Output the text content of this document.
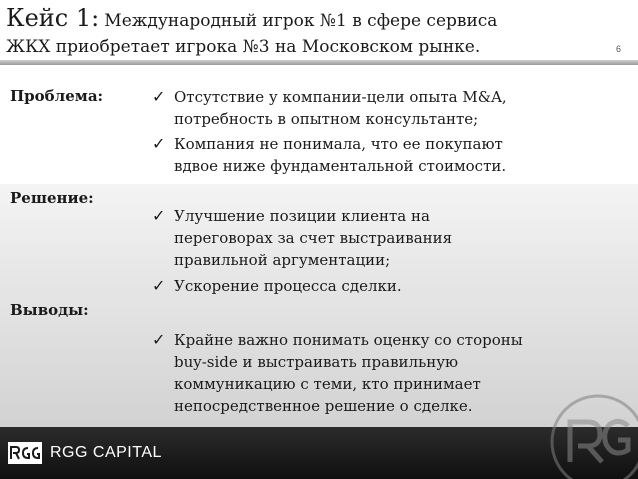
Кейс 1: Международный игрок №1 в сфере сервиса
ЖКХ приобретает игрока №3 на Московском рынке.	6
Проблема:	✓ Отсутствие у компании-цели опыта M&A,
потребность в опытном консультанте;
✓ Компания не понимала, что ее покупают
вдвое ниже фундаментальной стоимости.
Решение:
✓ Улучшение позиции клиента на
переговорах за счет выстраивания
правильной аргументации;
✓ Ускорение процесса сделки.
Выводы:
✓ Крайне важно понимать оценку со стороны
buy-side и выстраивать правильную
коммуникацию с теми, кто принимает
непосредственное решение о сделке.
RGG CAPITAL
